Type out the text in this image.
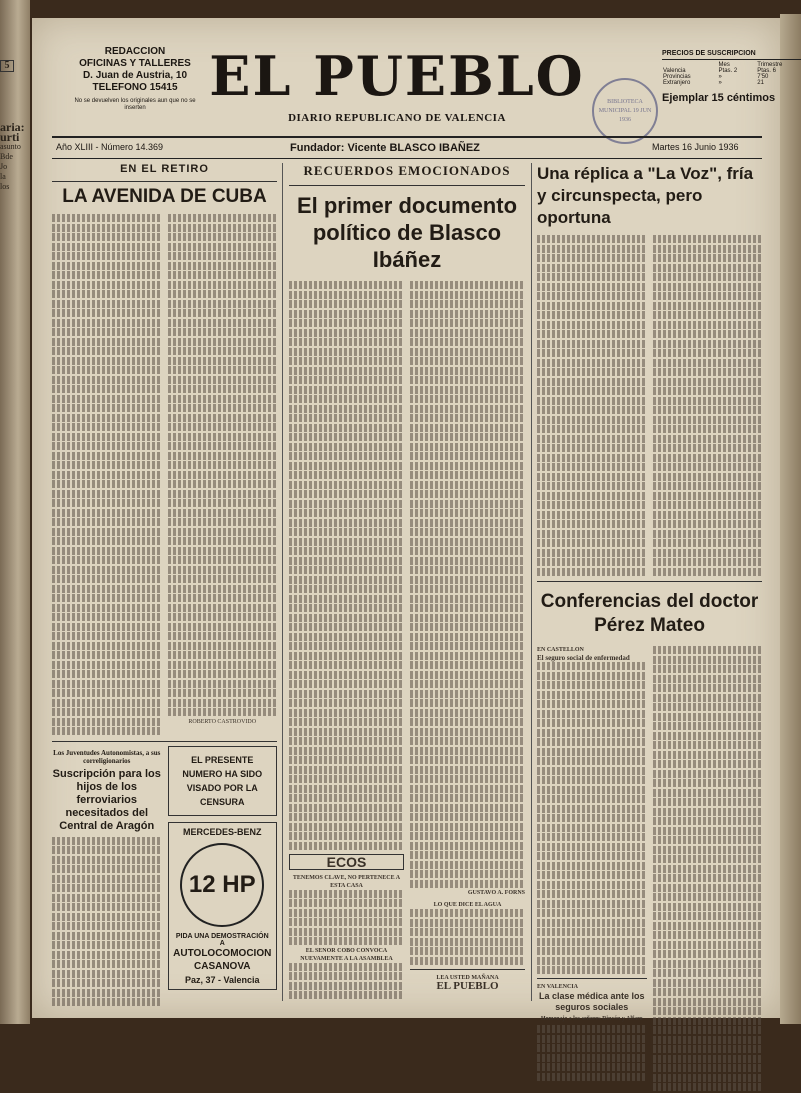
5
aria:
urti
asunto
Bde
Jo
la
los
REDACCION
OFICINAS Y TALLERES
D. Juan de Austria, 10
TELEFONO 15415
No se devuelven los originales aun que no se inserten	EL PUEBLO
DIARIO REPUBLICANO DE VALENCIA
BIBLIOTECA MUNICIPAL 19 JUN 1936
PRECIOS DE SUSCRIPCION
	Mes	Trimestre
Valencia	Ptas. 2	Ptas. 6
Provincias	»	7'50
Extranjero	»	21
Ejemplar 15 céntimos
Año XLIII - Número 14.369	Fundador: Vicente BLASCO IBAÑEZ	Martes 16 Junio 1936
EN EL RETIRO
LA AVENIDA DE CUBA
ROBERTO CASTROVIDO
Los Juventudes Autonomistas, a sus correligionarios
Suscripción para los hijos de los ferroviarios necesitados del Central de Aragón
EL PRESENTE NUMERO HA SIDO VISADO POR LA CENSURA
MERCEDES-BENZ
12 HP
PIDA UNA DEMOSTRACIÓN A
AUTOLOCOMOCION CASANOVA
Paz, 37 - Valencia
RECUERDOS EMOCIONADOS
El primer documento político de Blasco Ibáñez
ECOS
TENEMOS CLAVE, NO PERTENECE A ESTA CASA
EL SENOR COBO CONVOCA NUEVAMENTE A LA ASAMBLEA
GUSTAVO A. FORNS
LO QUE DICE EL AGUA
LEA USTED MAÑANA
EL PUEBLO
Una réplica a "La Voz", fría y circunspecta, pero oportuna
Conferencias del doctor Pérez Mateo
EN CASTELLON
El seguro social de enfermedad
EN VALENCIA
La clase médica ante los seguros sociales
Homenaje a los señores Rincón y Alfaro
